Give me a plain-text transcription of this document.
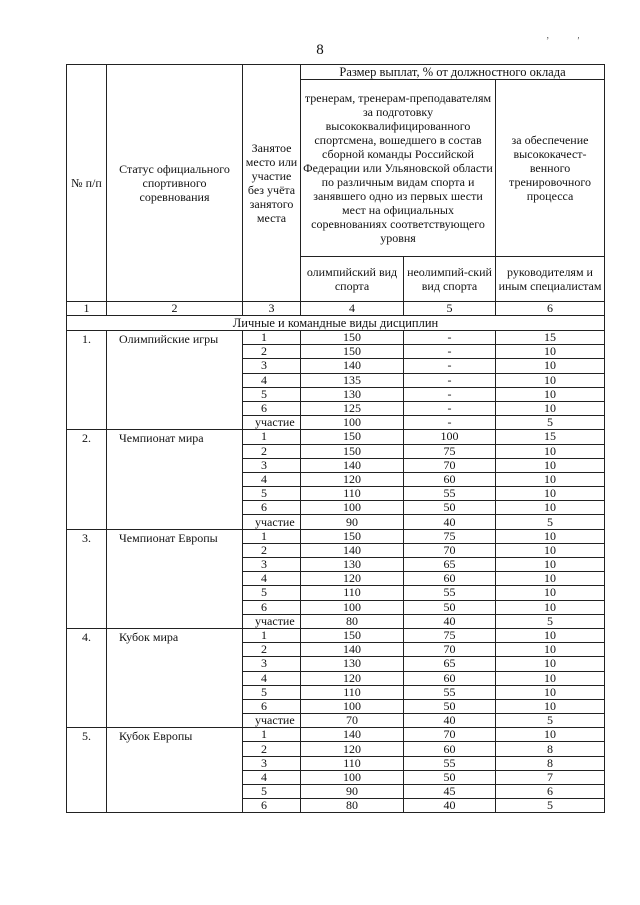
8
’′
№ п/п	Статус официального спортивного соревнования	Занятое место или участие без учёта занятого места	Размер выплат, % от должностного оклада		
			тренерам, тренерам-преподавателям за подготовку высококвалифицированного спортсмена, вошедшего в состав сборной команды Российской Федерации или Ульяновской области по различным видам спорта и занявшего одно из первых шести мест на официальных соревнованиях соответствующего уровня		за обеспечение высококачест-венного тренировочного процесса
			олимпийский вид спорта	неолимпий-ский вид спорта	руководителям и иным специалистам
1	2	3	4	5	6
Личные и командные виды дисциплин					
1.	Олимпийские игры	1	150	-	15
		2	150	-	10
		3	140	-	10
		4	135	-	10
		5	130	-	10
		6	125	-	10
		участие	100	-	5
2.	Чемпионат мира	1	150	100	15
		2	150	75	10
		3	140	70	10
		4	120	60	10
		5	110	55	10
		6	100	50	10
		участие	90	40	5
3.	Чемпионат Европы	1	150	75	10
		2	140	70	10
		3	130	65	10
		4	120	60	10
		5	110	55	10
		6	100	50	10
		участие	80	40	5
4.	Кубок мира	1	150	75	10
		2	140	70	10
		3	130	65	10
		4	120	60	10
		5	110	55	10
		6	100	50	10
		участие	70	40	5
5.	Кубок Европы	1	140	70	10
		2	120	60	8
		3	110	55	8
		4	100	50	7
		5	90	45	6
		6	80	40	5
